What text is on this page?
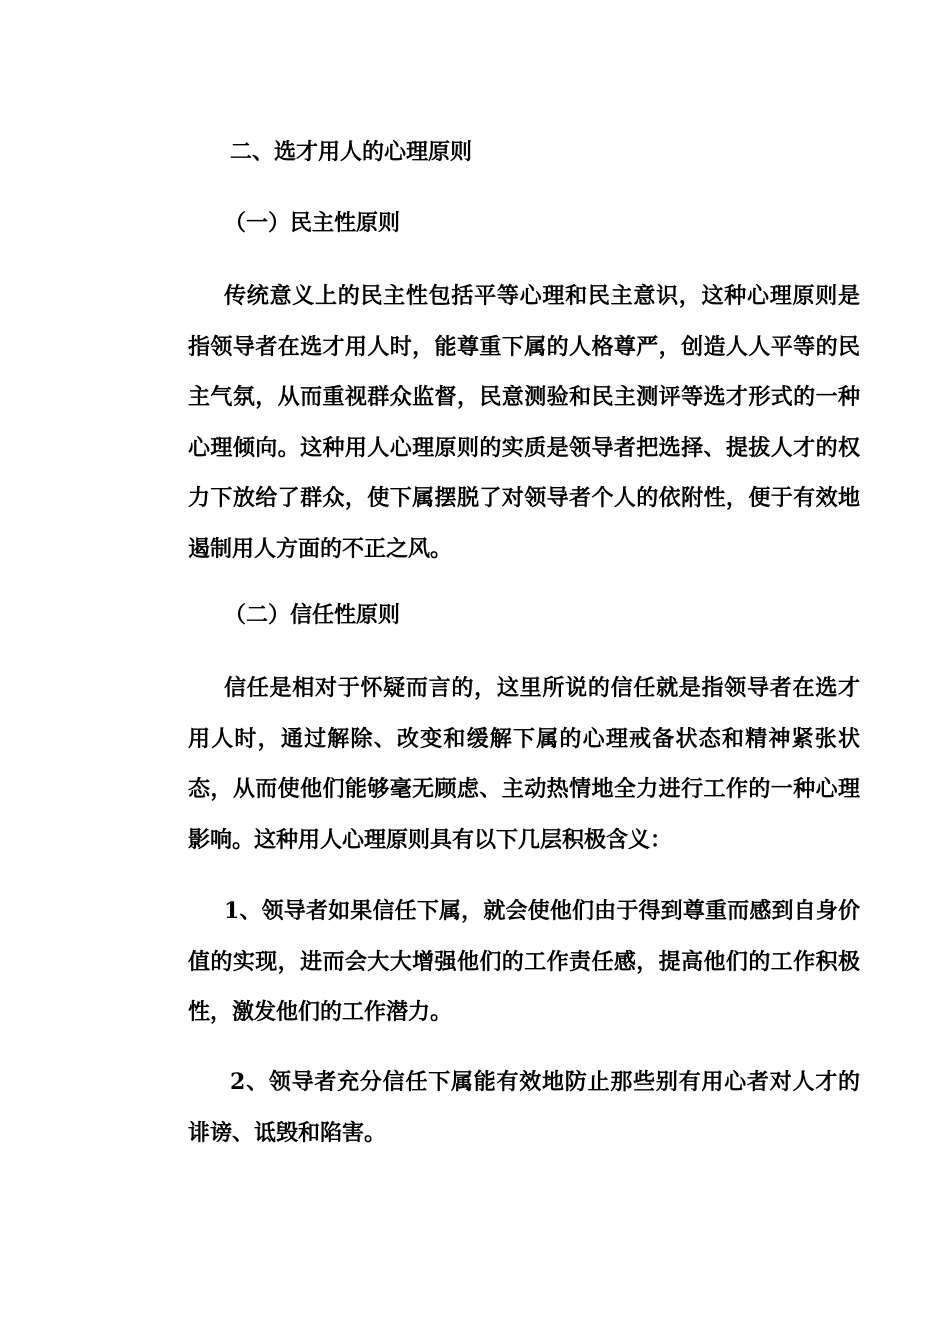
二、选才用人的心理原则
（一）民主性原则
传统意义上的民主性包括平等心理和民主意识，这种心理原则是指领导者在选才用人时，能尊重下属的人格尊严，创造人人平等的民主气氛，从而重视群众监督，民意测验和民主测评等选才形式的一种心理倾向。这种用人心理原则的实质是领导者把选择、提拔人才的权力下放给了群众，使下属摆脱了对领导者个人的依附性，便于有效地遏制用人方面的不正之风。
（二）信任性原则
信任是相对于怀疑而言的，这里所说的信任就是指领导者在选才用人时，通过解除、改变和缓解下属的心理戒备状态和精神紧张状态，从而使他们能够毫无顾虑、主动热情地全力进行工作的一种心理影响。这种用人心理原则具有以下几层积极含义：
1、领导者如果信任下属，就会使他们由于得到尊重而感到自身价值的实现，进而会大大增强他们的工作责任感，提高他们的工作积极性，激发他们的工作潜力。
2、领导者充分信任下属能有效地防止那些别有用心者对人才的诽谤、诋毁和陷害。
